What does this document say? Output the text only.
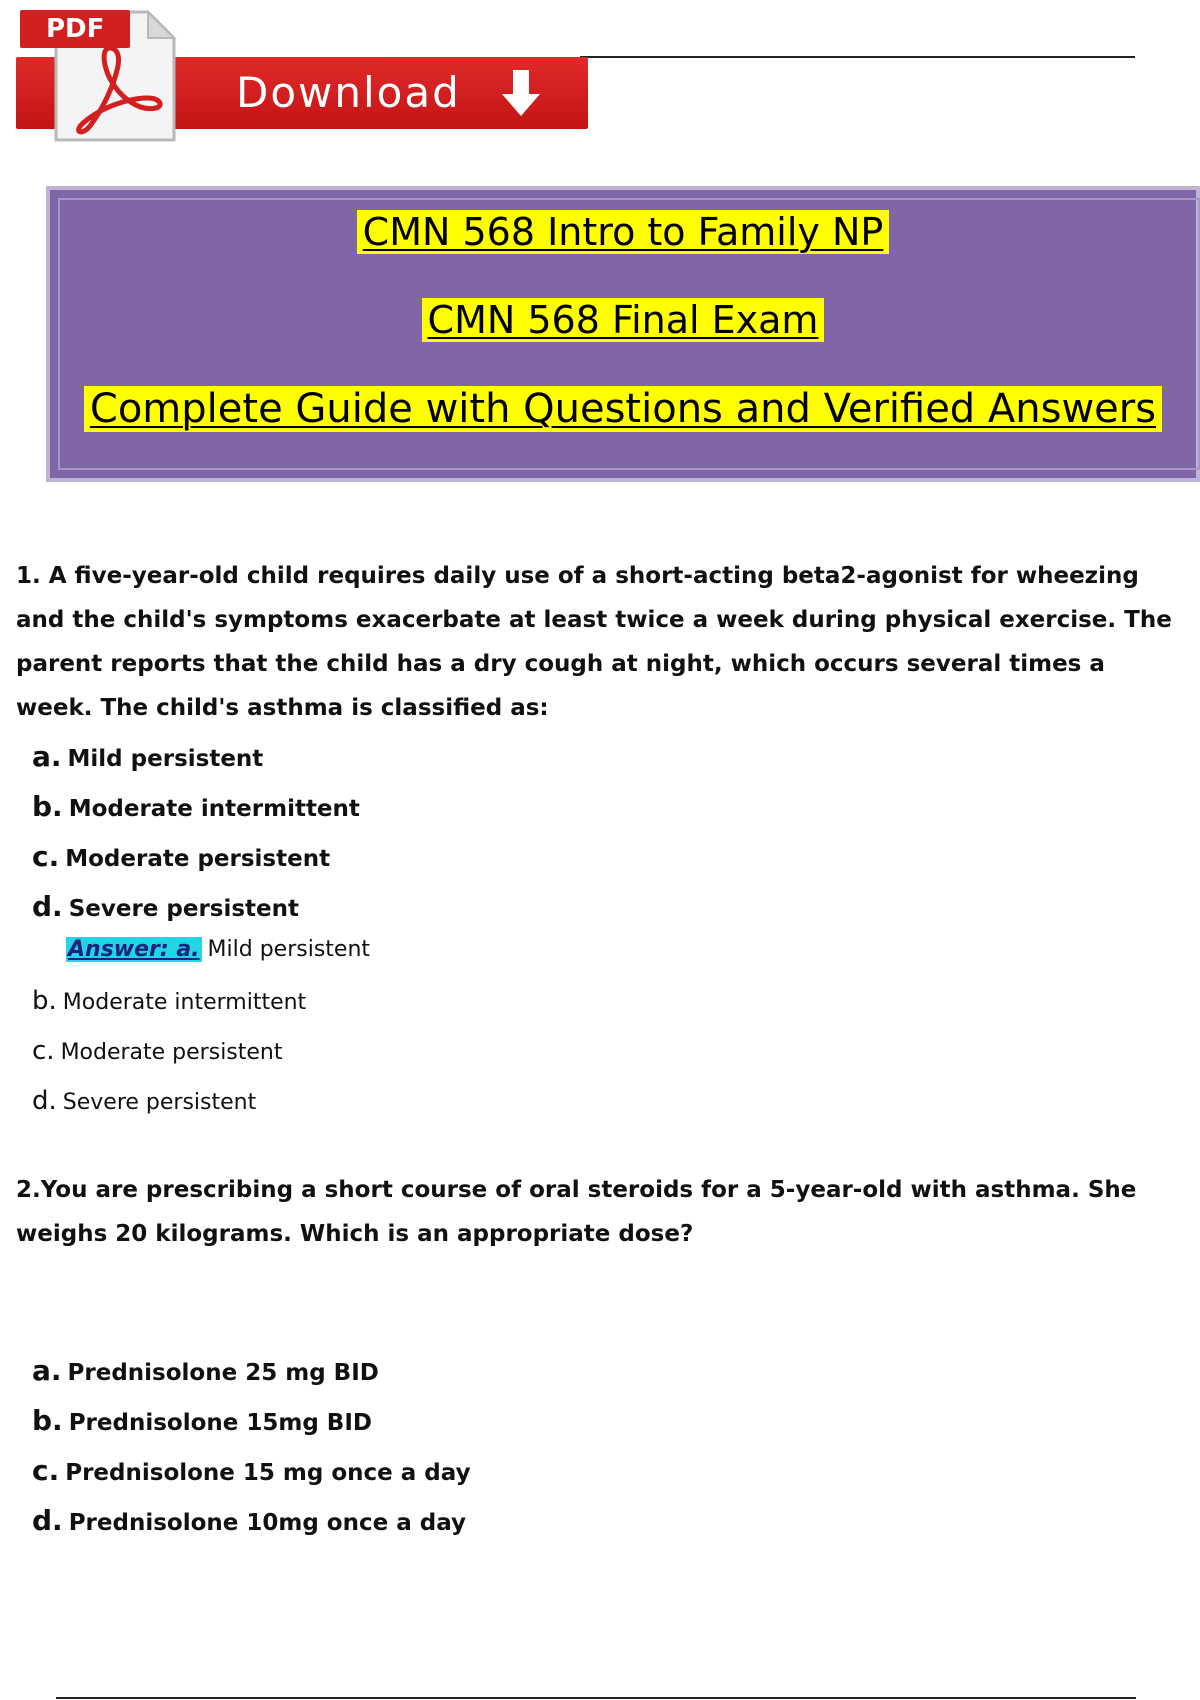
Download
PDF
CMN 568 Intro to Family NP
CMN 568 Final Exam
Complete Guide with Questions and Verified Answers
1. A five-year-old child requires daily use of a short-acting beta2-agonist for wheezing and the child's symptoms exacerbate at least twice a week during physical exercise. The parent reports that the child has a dry cough at night, which occurs several times a week. The child's asthma is classified as:
a. Mild persistent
b. Moderate intermittent
c. Moderate persistent
d. Severe persistent
Answer: a. Mild persistent
b. Moderate intermittent
c. Moderate persistent
d. Severe persistent
2.You are prescribing a short course of oral steroids for a 5-year-old with asthma. She weighs 20 kilograms. Which is an appropriate dose?
a. Prednisolone 25 mg BID
b. Prednisolone 15mg BID
c. Prednisolone 15 mg once a day
d. Prednisolone 10mg once a day
